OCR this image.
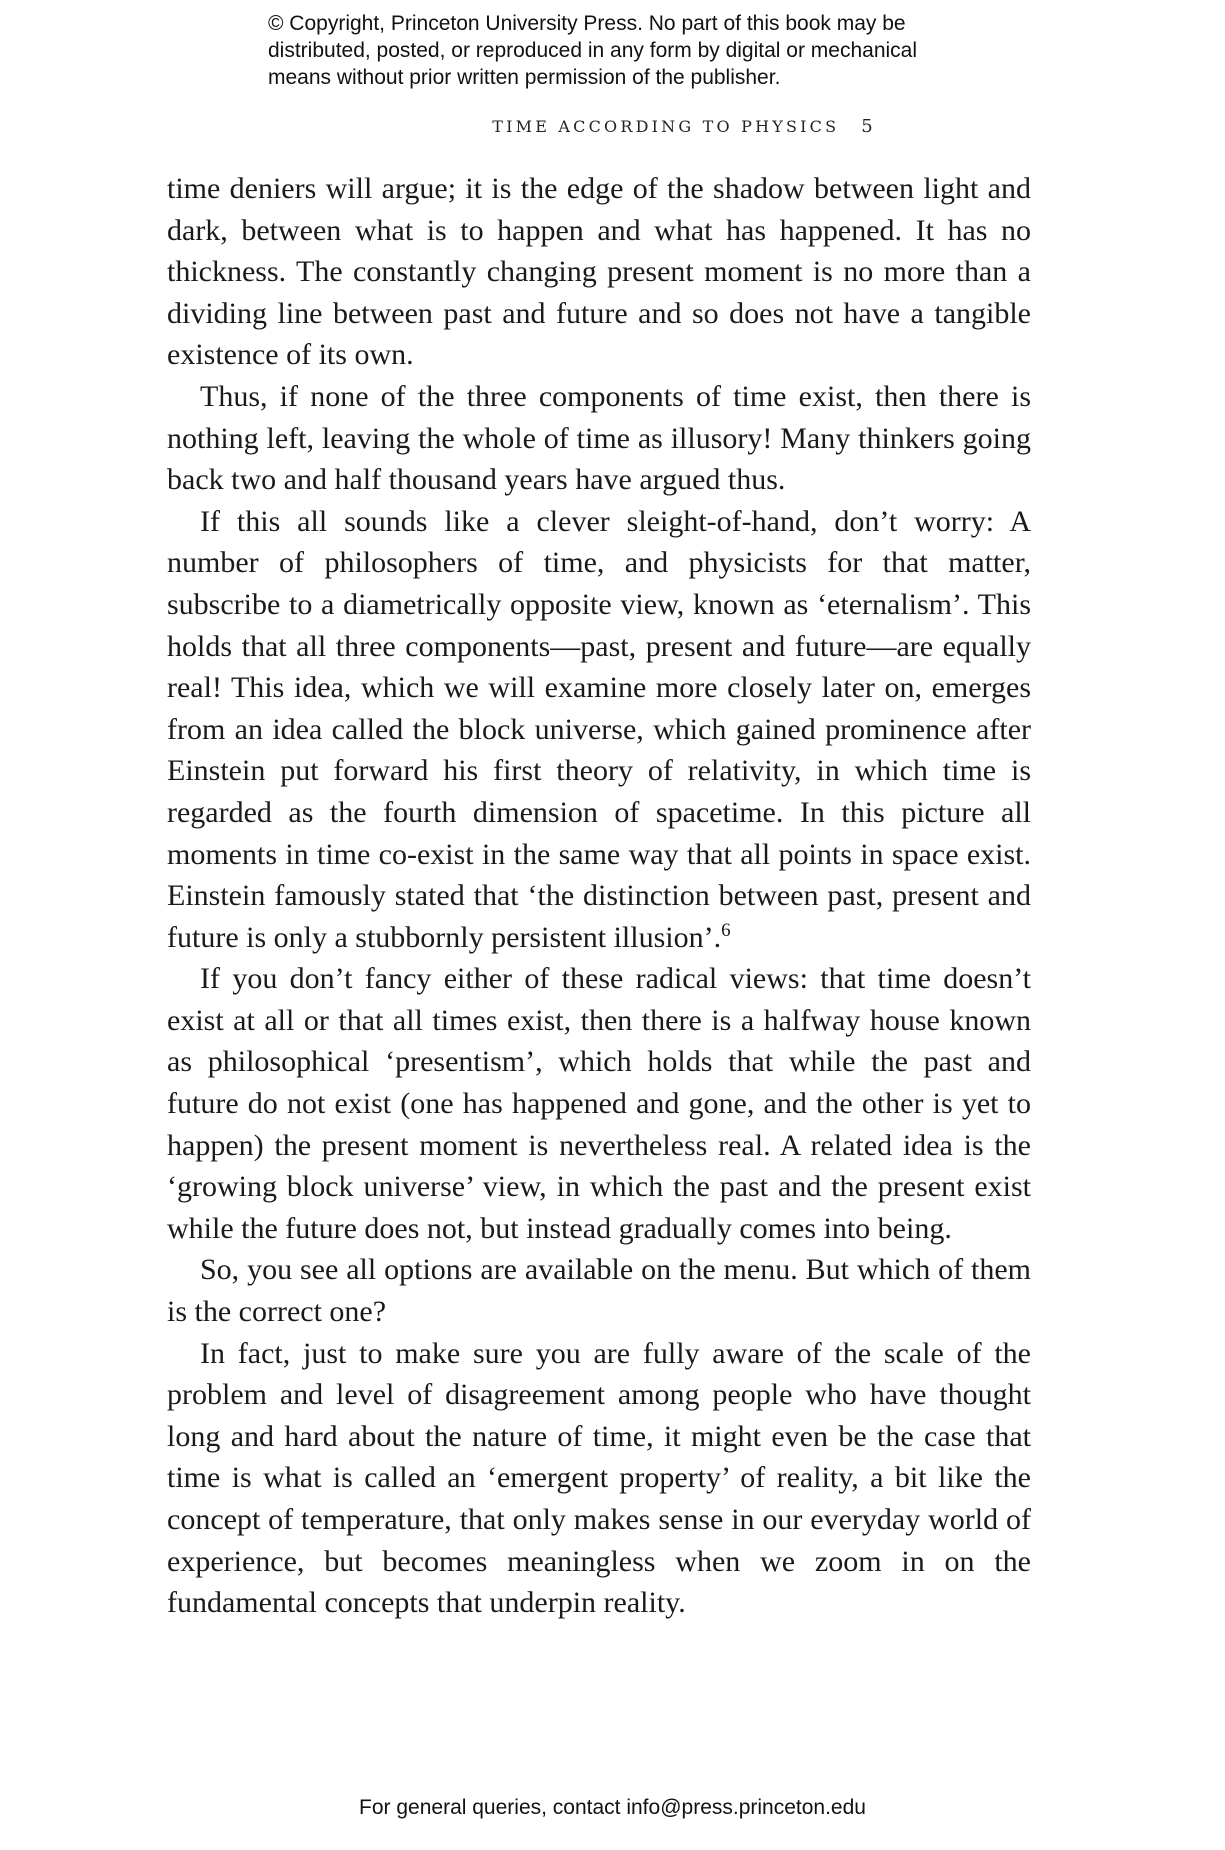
© Copyright, Princeton University Press. No part of this book may be

distributed, posted, or reproduced in any form by digital or mechanical

means without prior written permission of the publisher.

TIME ACCORDING TO PHYSICS 5

time deniers will argue; it is the edge of the shadow between light and dark, between what is to happen and what has happened. It has no thickness. The constantly changing present moment is no more than a dividing line between past and future and so does not have a tangible existence of its own.

Thus, if none of the three components of time exist, then there is nothing left, leaving the whole of time as illusory! Many thinkers going back two and half thousand years have argued thus.

If this all sounds like a clever sleight-of-hand, don’t worry: A number of philosophers of time, and physicists for that matter, subscribe to a diametrically opposite view, known as ‘eternalism’. This holds that all three components—past, present and future—are equally real! This idea, which we will examine more closely later on, emerges from an idea called the block universe, which gained prominence after Einstein put forward his first theory of relativity, in which time is regarded as the fourth dimension of spacetime. In this picture all moments in time co-exist in the same way that all points in space exist. Einstein famously stated that ‘the distinction between past, present and future is only a stubbornly persistent illusion’.$^6$

If you don’t fancy either of these radical views: that time doesn’t exist at all or that all times exist, then there is a halfway house known as philosophical ‘presentism’, which holds that while the past and future do not exist (one has happened and gone, and the other is yet to happen) the present moment is nevertheless real. A related idea is the ‘growing block universe’ view, in which the past and the present exist while the future does not, but instead gradually comes into being.

So, you see all options are available on the menu. But which of them is the correct one?

In fact, just to make sure you are fully aware of the scale of the problem and level of disagreement among people who have thought long and hard about the nature of time, it might even be the case that time is what is called an ‘emergent property’ of reality, a bit like the concept of temperature, that only makes sense in our everyday world of experience, but becomes meaningless when we zoom in on the fundamental concepts that underpin reality.

For general queries, contact info@press.princeton.edu
